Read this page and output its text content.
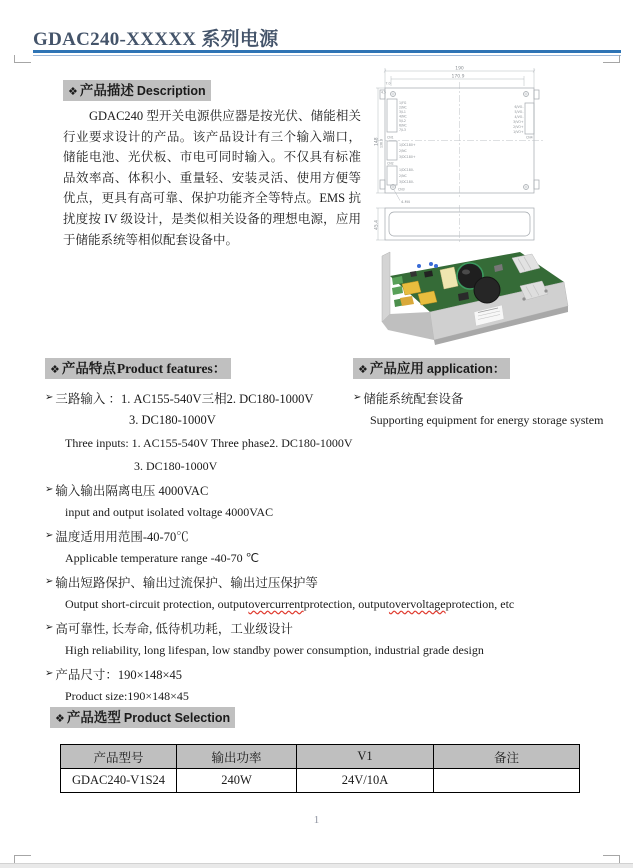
GDAC240-XXXXX 系列电源
❖ 产品描述 Description
GDAC240 型开关电源供应器是按光伏、储能相关行业要求设计的产品。该产品设计有三个输入端口，储能电池、光伏板、市电可同时输入。不仅具有标准品效率高、体积小、重量轻、安装灵活、使用方便等优点，更具有高可靠、保护功能齐全等特点。EMS 抗扰度按 IV 级设计，是类似相关设备的理想电源，应用于储能系统等相似配套设备中。
190
170.9
7.0
148 136.9
4.5
4-M4
1/FG
2/NC
3/L1
4/NC
5/L2
6/NC
7/L3
CN1
1/DC180+
2/NC
3/DC180+
CN2
1/DC180-
2/NC
3/DC180-
CN3
6/VO-
5/VO-
4/VO-
3/VO+
2/VO+
1/VO+
CN4
45.4
❖ 产品特点Product features：
➢ 三路输入 ：1. AC155-540V三相2. DC180-1000V
3. DC180-1000V
Three inputs: 1. AC155-540V Three phase2. DC180-1000V
3. DC180-1000V
➢ 输入输出隔离电压 4000VAC
input and output isolated voltage 4000VAC
➢ 温度适用用范围-40-70℃
Applicable temperature range -40-70 ℃
➢ 输出短路保护、输出过流保护、输出过压保护等
Output short-circuit protection, output overcurrent protection, output overvoltage protection, etc
➢ 高可靠性, 长寿命, 低待机功耗，工业级设计
High reliability, long lifespan, low standby power consumption, industrial grade design
➢ 产品尺寸：190×148×45
Product size:190×148×45
❖ 产品应用 application：
➢ 储能系统配套设备
Supporting equipment for energy storage system
❖ 产品选型 Product Selection
产品型号	输出功率	V1	备注
GDAC240-V1S24	240W	24V/10A	
1
